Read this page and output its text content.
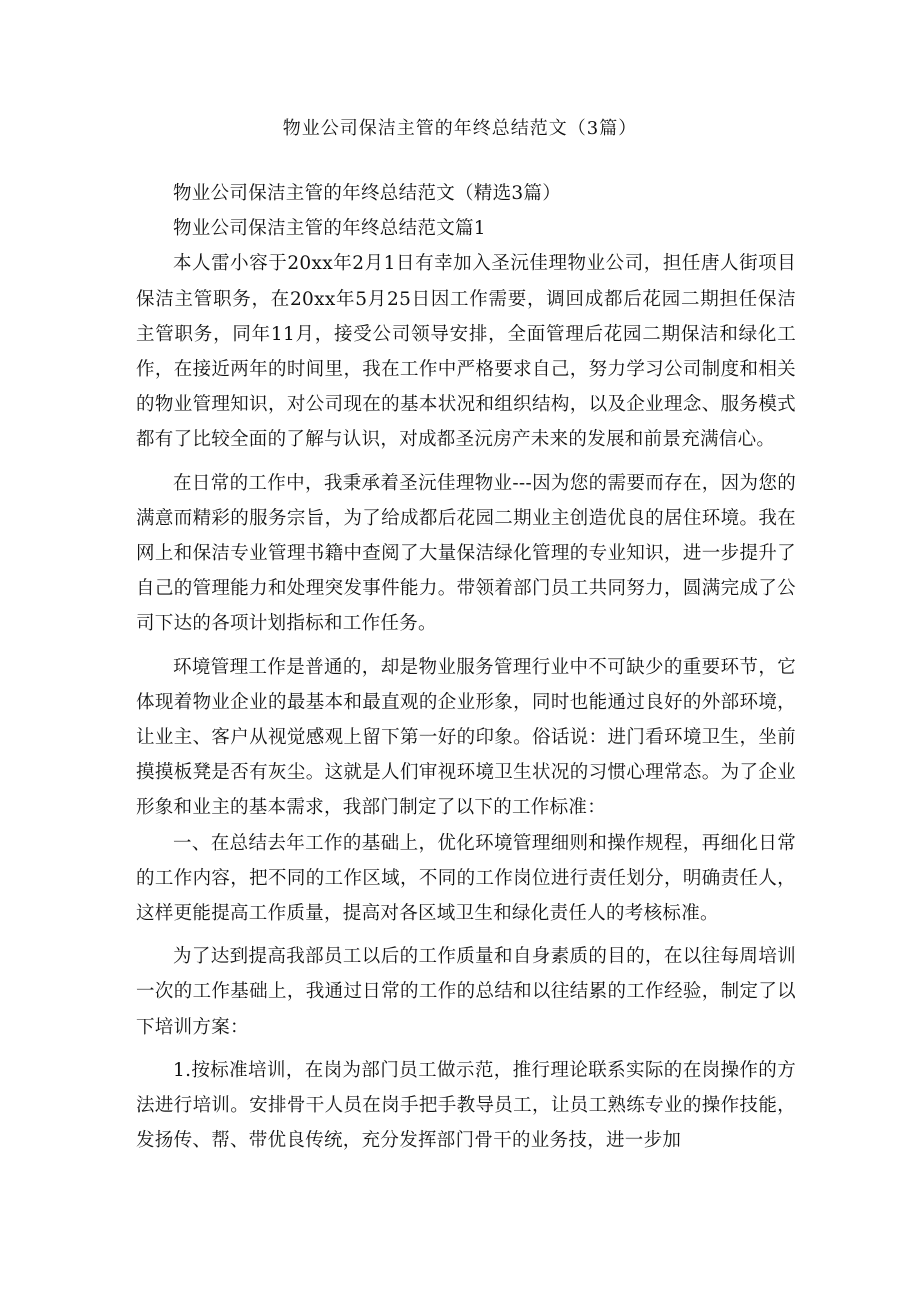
物业公司保洁主管的年终总结范文（3篇）

物业公司保洁主管的年终总结范文（精选3篇）

物业公司保洁主管的年终总结范文篇1

本人雷小容于20xx年2月1日有幸加入圣沅佳理物业公司，担任唐人街项目保洁主管职务，在20xx年5月25日因工作需要，调回成都后花园二期担任保洁主管职务，同年11月，接受公司领导安排，全面管理后花园二期保洁和绿化工作，在接近两年的时间里，我在工作中严格要求自己，努力学习公司制度和相关的物业管理知识，对公司现在的基本状况和组织结构，以及企业理念、服务模式都有了比较全面的了解与认识，对成都圣沅房产未来的发展和前景充满信心。

在日常的工作中，我秉承着圣沅佳理物业---因为您的需要而存在，因为您的满意而精彩的服务宗旨，为了给成都后花园二期业主创造优良的居住环境。我在网上和保洁专业管理书籍中查阅了大量保洁绿化管理的专业知识，进一步提升了自己的管理能力和处理突发事件能力。带领着部门员工共同努力，圆满完成了公司下达的各项计划指标和工作任务。

环境管理工作是普通的，却是物业服务管理行业中不可缺少的重要环节，它体现着物业企业的最基本和最直观的企业形象，同时也能通过良好的外部环境，让业主、客户从视觉感观上留下第一好的印象。俗话说：进门看环境卫生，坐前摸摸板凳是否有灰尘。这就是人们审视环境卫生状况的习惯心理常态。为了企业形象和业主的基本需求，我部门制定了以下的工作标准：

一、在总结去年工作的基础上，优化环境管理细则和操作规程，再细化日常的工作内容，把不同的工作区域，不同的工作岗位进行责任划分，明确责任人，这样更能提高工作质量，提高对各区域卫生和绿化责任人的考核标准。

为了达到提高我部员工以后的工作质量和自身素质的目的，在以往每周培训一次的工作基础上，我通过日常的工作的总结和以往结累的工作经验，制定了以下培训方案：

1.按标准培训，在岗为部门员工做示范，推行理论联系实际的在岗操作的方法进行培训。安排骨干人员在岗手把手教导员工，让员工熟练专业的操作技能，发扬传、帮、带优良传统，充分发挥部门骨干的业务技，进一步加
